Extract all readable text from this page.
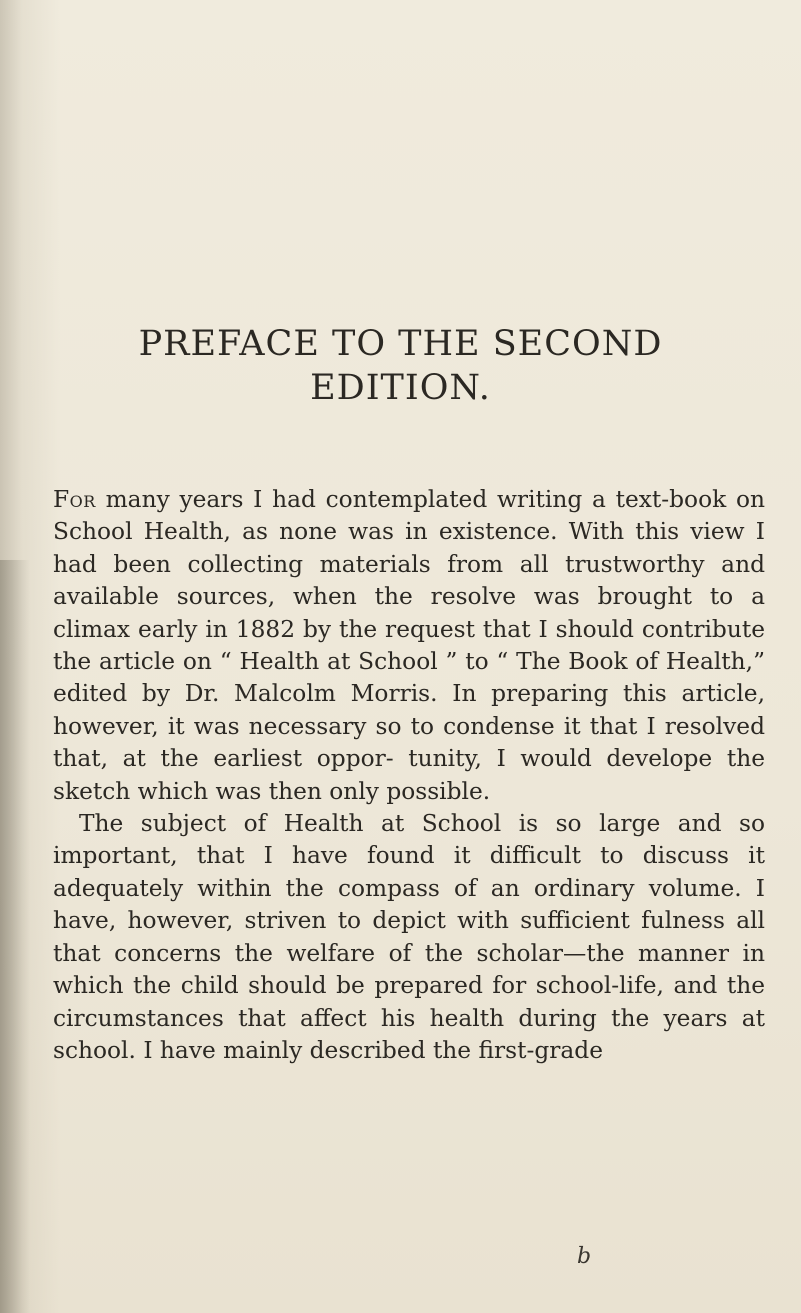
PREFACE TO THE SECOND
EDITION.

For many years I had contemplated writing a text-book on School Health, as none was in existence. With this view I had been collecting materials from all trustworthy and available sources, when the resolve was brought to a climax early in 1882 by the request that I should contribute the article on “ Health at School ” to “ The Book of Health,” edited by Dr. Malcolm Morris. In preparing this article, however, it was necessary so to condense it that I resolved that, at the earliest oppor- tunity, I would develope the sketch which was then only possible.

The subject of Health at School is so large and so important, that I have found it difficult to discuss it adequately within the compass of an ordinary volume. I have, however, striven to depict with sufficient fulness all that concerns the welfare of the scholar—the manner in which the child should be prepared for school-life, and the circumstances that affect his health during the years at school. I have mainly described the first-grade

b
